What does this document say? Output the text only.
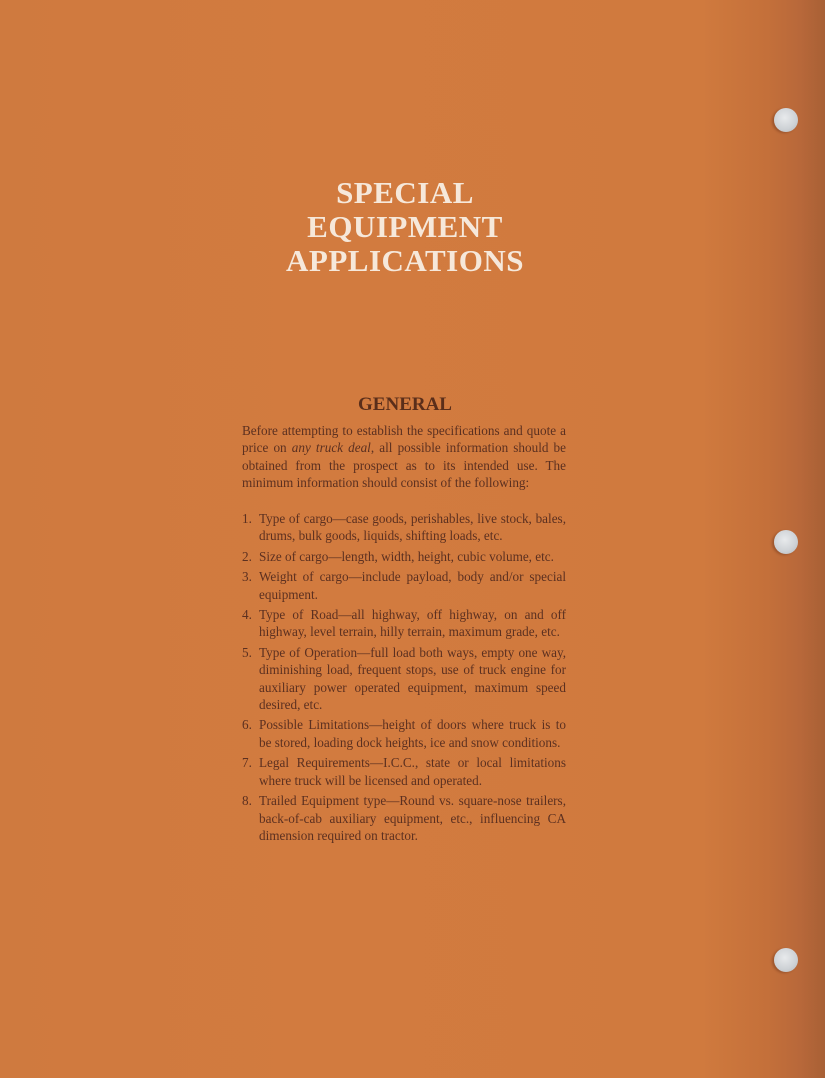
SPECIAL
EQUIPMENT
APPLICATIONS
GENERAL

Before attempting to establish the specifications and quote a price on any truck deal, all possible information should be obtained from the prospect as to its intended use. The minimum information should consist of the following:

1. Type of cargo—case goods, perishables, live stock, bales, drums, bulk goods, liquids, shifting loads, etc.
2. Size of cargo—length, width, height, cubic volume, etc.
3. Weight of cargo—include payload, body and/or special equipment.
4. Type of Road—all highway, off highway, on and off highway, level terrain, hilly terrain, maximum grade, etc.
5. Type of Operation—full load both ways, empty one way, diminishing load, frequent stops, use of truck engine for auxiliary power operated equipment, maximum speed desired, etc.
6. Possible Limitations—height of doors where truck is to be stored, loading dock heights, ice and snow conditions.
7. Legal Requirements—I.C.C., state or local limitations where truck will be licensed and operated.
8. Trailed Equipment type—Round vs. square-nose trailers, back-of-cab auxiliary equipment, etc., influencing CA dimension required on tractor.
